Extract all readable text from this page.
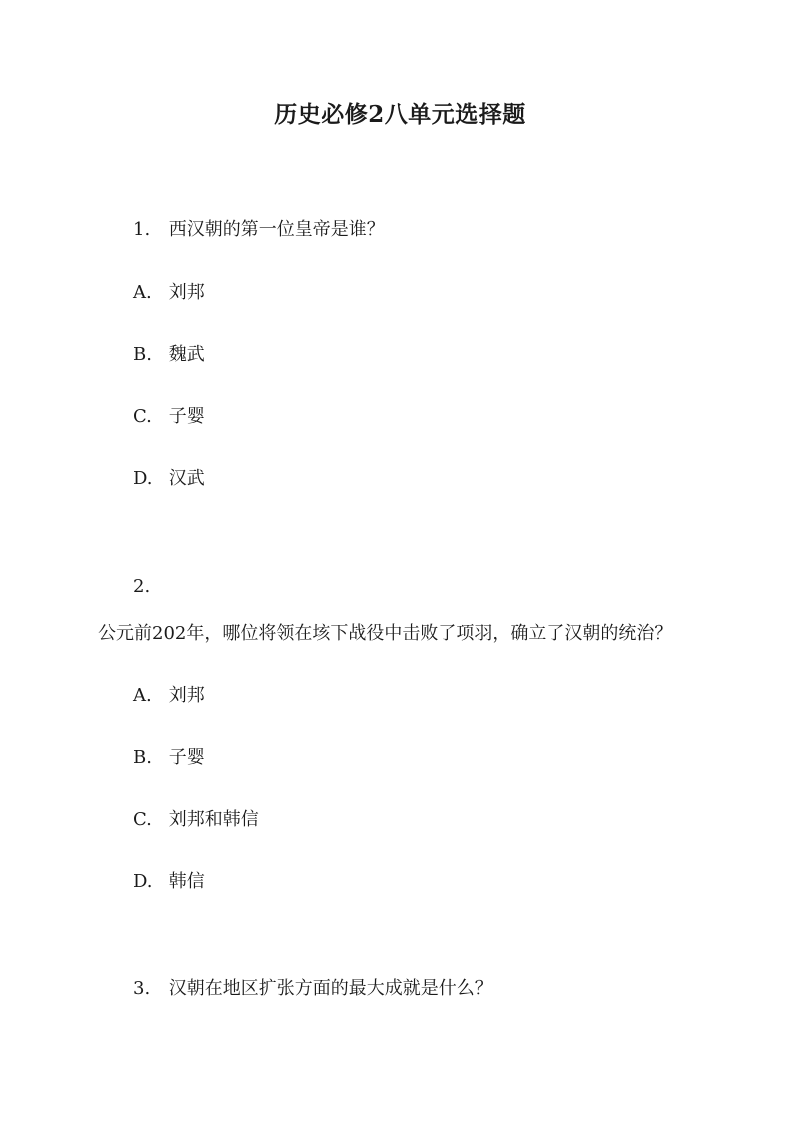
历史必修2八单元选择题
1. 西汉朝的第一位皇帝是谁？
A. 刘邦
B. 魏武
C. 子婴
D. 汉武
2.
公元前202年，哪位将领在垓下战役中击败了项羽，确立了汉朝的统治？
A. 刘邦
B. 子婴
C. 刘邦和韩信
D. 韩信
3. 汉朝在地区扩张方面的最大成就是什么？
